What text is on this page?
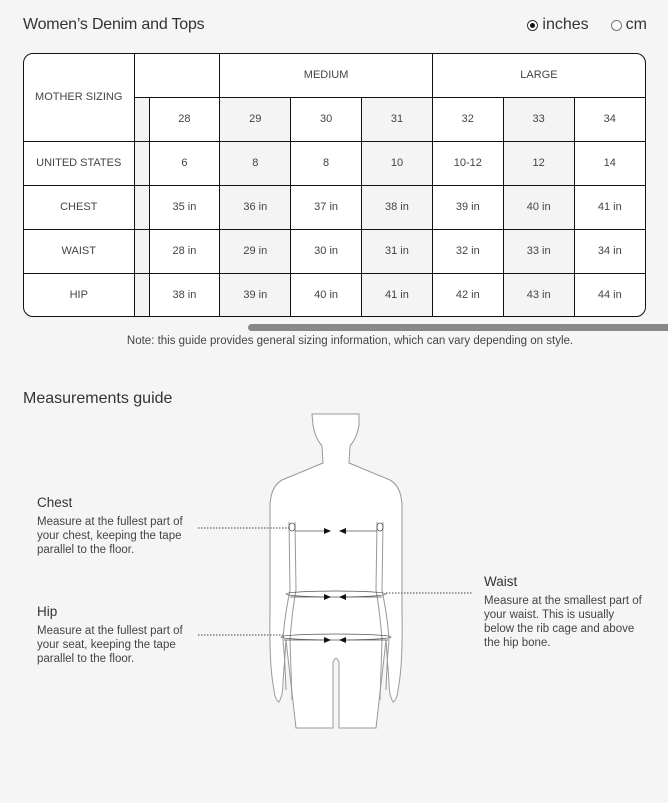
Women’s Denim and Tops	inches cm
MOTHER SIZING			MEDIUM			LARGE		
		28	29	30	31	32	33	34
UNITED STATES		6	8	8	10	10-12	12	14
CHEST		35 in	36 in	37 in	38 in	39 in	40 in	41 in
WAIST		28 in	29 in	30 in	31 in	32 in	33 in	34 in
HIP		38 in	39 in	40 in	41 in	42 in	43 in	44 in
Note: this guide provides general sizing information, which can vary depending on style.
Measurements guide
Chest
Measure at the fullest part of your chest, keeping the tape parallel to the floor.
Hip
Measure at the fullest part of your seat, keeping the tape parallel to the floor.
Waist
Measure at the smallest part of your waist. This is usually below the rib cage and above the hip bone.
